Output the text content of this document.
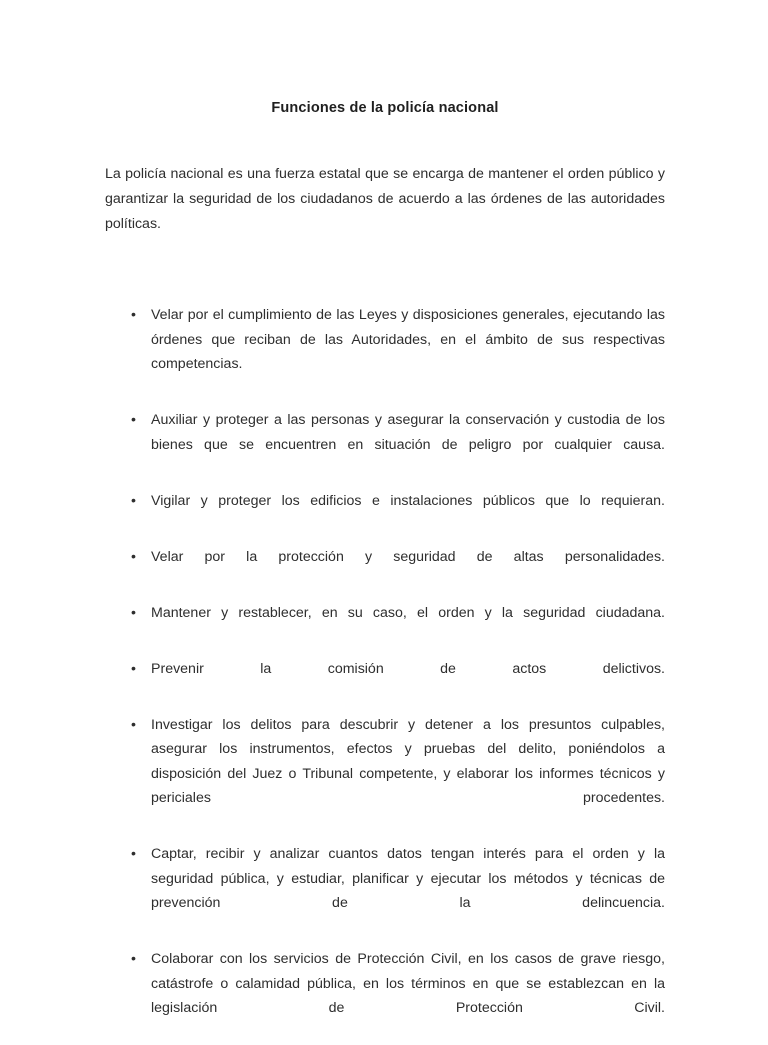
Funciones de la policía nacional

La policía nacional es una fuerza estatal que se encarga de mantener el orden público y garantizar la seguridad de los ciudadanos de acuerdo a las órdenes de las autoridades políticas.

•	Velar por el cumplimiento de las Leyes y disposiciones generales, ejecutando las órdenes que reciban de las Autoridades, en el ámbito de sus respectivas competencias.
•	Auxiliar y proteger a las personas y asegurar la conservación y custodia de los bienes que se encuentren en situación de peligro por cualquier causa.
•	Vigilar y proteger los edificios e instalaciones públicos que lo requieran.
•	Velar por la protección y seguridad de altas personalidades.
•	Mantener y restablecer, en su caso, el orden y la seguridad ciudadana.
•	Prevenir la comisión de actos delictivos.
•	Investigar los delitos para descubrir y detener a los presuntos culpables, asegurar los instrumentos, efectos y pruebas del delito, poniéndolos a disposición del Juez o Tribunal competente, y elaborar los informes técnicos y periciales procedentes.
•	Captar, recibir y analizar cuantos datos tengan interés para el orden y la seguridad pública, y estudiar, planificar y ejecutar los métodos y técnicas de prevención de la delincuencia.
•	Colaborar con los servicios de Protección Civil, en los casos de grave riesgo, catástrofe o calamidad pública, en los términos en que se establezcan en la legislación de Protección Civil.
